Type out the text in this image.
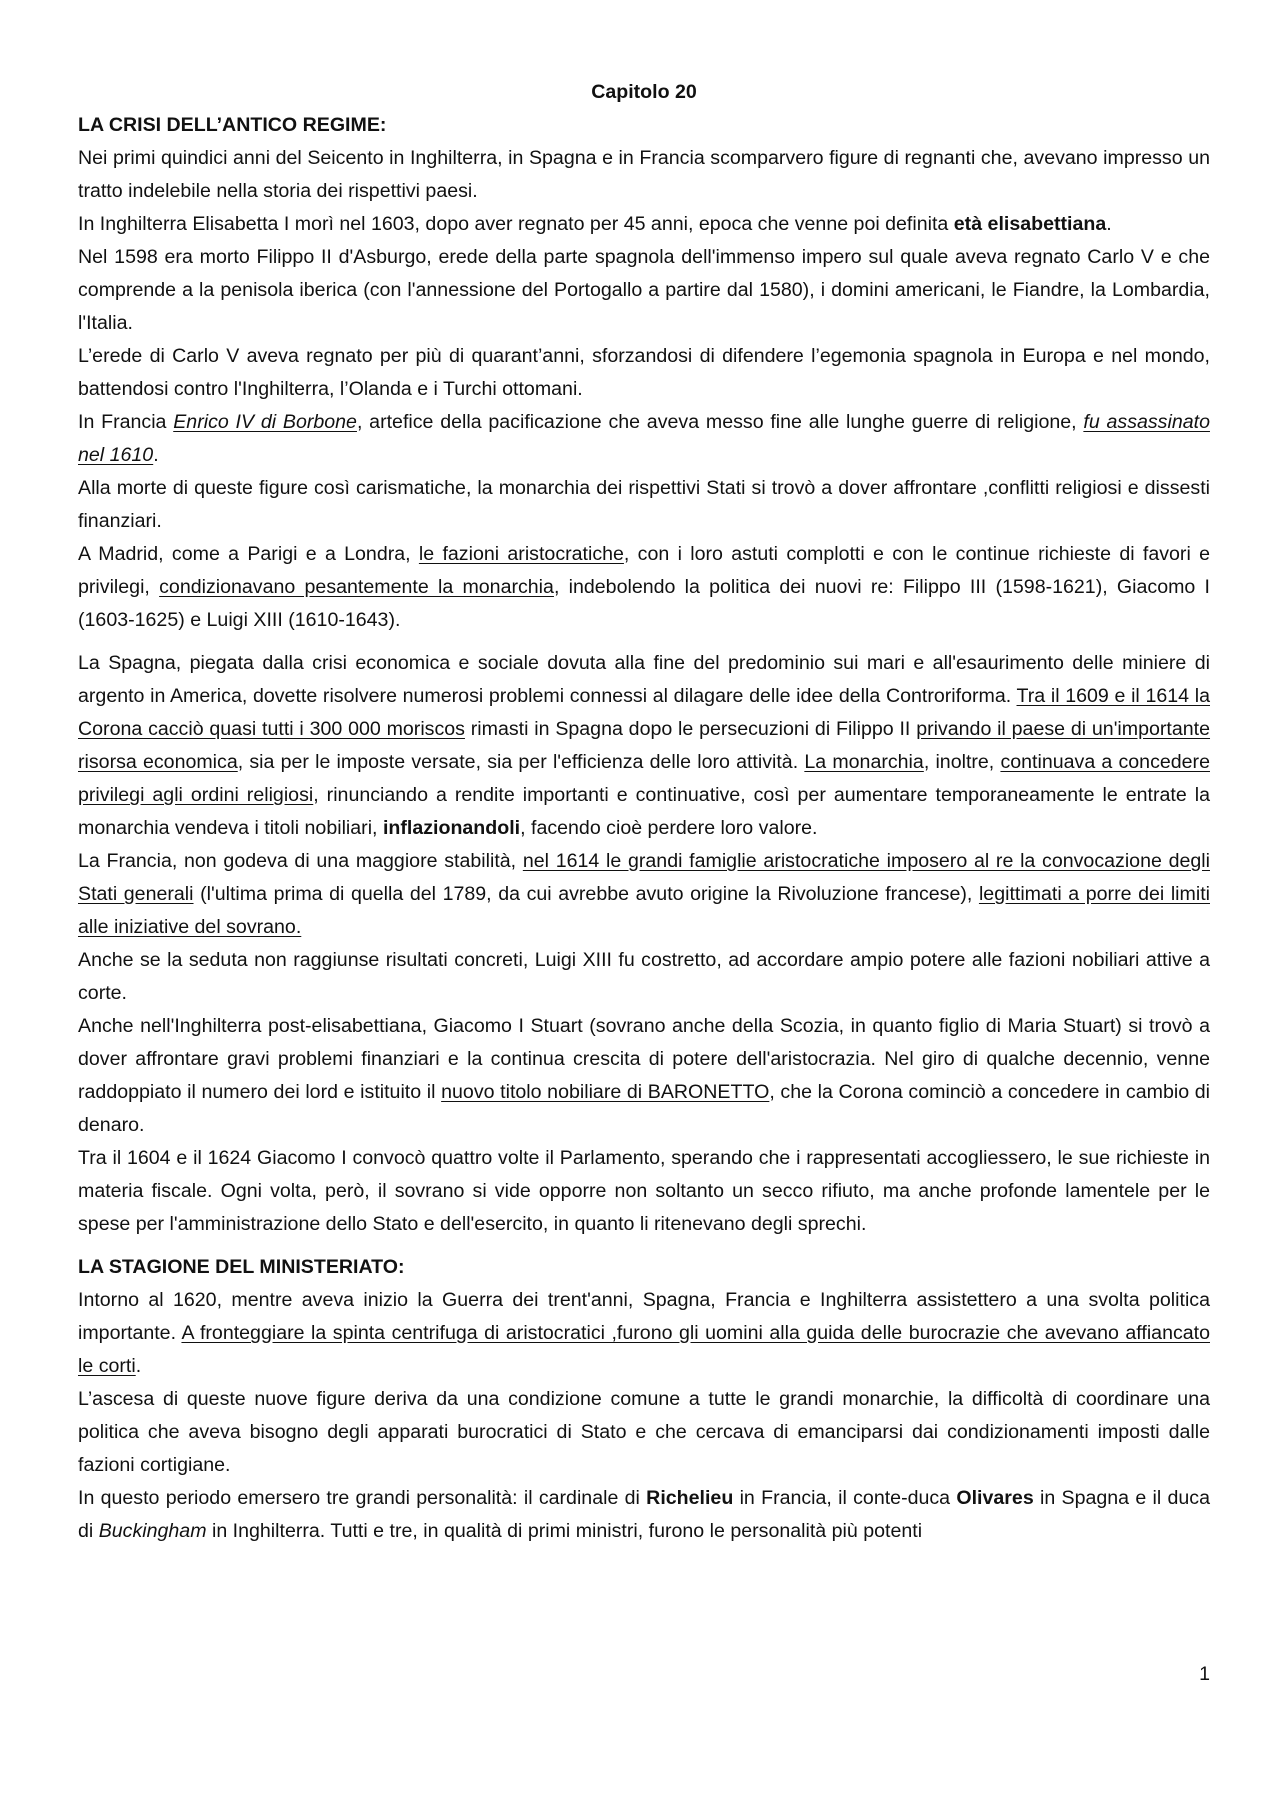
Capitolo 20

LA CRISI DELL’ANTICO REGIME:

Nei primi quindici anni del Seicento in Inghilterra, in Spagna e in Francia scomparvero figure di regnanti che, avevano impresso un tratto indelebile nella storia dei rispettivi paesi.

In Inghilterra Elisabetta I morì nel 1603, dopo aver regnato per 45 anni, epoca che venne poi definita età elisabettiana.

Nel 1598 era morto Filippo II d'Asburgo, erede della parte spagnola dell'immenso impero sul quale aveva regnato Carlo V e che comprende a la penisola iberica (con l'annessione del Portogallo a partire dal 1580), i domini americani, le Fiandre, la Lombardia, l'Italia.

L’erede di Carlo V aveva regnato per più di quarant’anni, sforzandosi di difendere l’egemonia spagnola in Europa e nel mondo, battendosi contro l'Inghilterra, l’Olanda e i Turchi ottomani.

In Francia Enrico IV di Borbone, artefice della pacificazione che aveva messo fine alle lunghe guerre di religione, fu assassinato nel 1610.

Alla morte di queste figure così carismatiche, la monarchia dei rispettivi Stati si trovò a dover affrontare ,conflitti religiosi e dissesti finanziari.

A Madrid, come a Parigi e a Londra, le fazioni aristocratiche, con i loro astuti complotti e con le continue richieste di favori e privilegi, condizionavano pesantemente la monarchia, indebolendo la politica dei nuovi re: Filippo III (1598-1621), Giacomo I (1603-1625) e Luigi XIII (1610-1643).

La Spagna, piegata dalla crisi economica e sociale dovuta alla fine del predominio sui mari e all'esaurimento delle miniere di argento in America, dovette risolvere numerosi problemi connessi al dilagare delle idee della Controriforma. Tra il 1609 e il 1614 la Corona cacciò quasi tutti i 300 000 moriscos rimasti in Spagna dopo le persecuzioni di Filippo II privando il paese di un'importante risorsa economica, sia per le imposte versate, sia per l'efficienza delle loro attività. La monarchia, inoltre, continuava a concedere privilegi agli ordini religiosi, rinunciando a rendite importanti e continuative, così per aumentare temporaneamente le entrate la monarchia vendeva i titoli nobiliari, inflazionandoli, facendo cioè perdere loro valore.

La Francia, non godeva di una maggiore stabilità, nel 1614 le grandi famiglie aristocratiche imposero al re la convocazione degli Stati generali (l'ultima prima di quella del 1789, da cui avrebbe avuto origine la Rivoluzione francese), legittimati a porre dei limiti alle iniziative del sovrano.

Anche se la seduta non raggiunse risultati concreti, Luigi XIII fu costretto, ad accordare ampio potere alle fazioni nobiliari attive a corte.

Anche nell'Inghilterra post-elisabettiana, Giacomo I Stuart (sovrano anche della Scozia, in quanto figlio di Maria Stuart) si trovò a dover affrontare gravi problemi finanziari e la continua crescita di potere dell'aristocrazia. Nel giro di qualche decennio, venne raddoppiato il numero dei lord e istituito il nuovo titolo nobiliare di BARONETTO, che la Corona cominciò a concedere in cambio di denaro.

Tra il 1604 e il 1624 Giacomo I convocò quattro volte il Parlamento, sperando che i rappresentati accogliessero, le sue richieste in materia fiscale. Ogni volta, però, il sovrano si vide opporre non soltanto un secco rifiuto, ma anche profonde lamentele per le spese per l'amministrazione dello Stato e dell'esercito, in quanto li ritenevano degli sprechi.

LA STAGIONE DEL MINISTERIATO:

Intorno al 1620, mentre aveva inizio la Guerra dei trent'anni, Spagna, Francia e Inghilterra assistettero a una svolta politica importante. A fronteggiare la spinta centrifuga di aristocratici ,furono gli uomini alla guida delle burocrazie che avevano affiancato le corti.

L’ascesa di queste nuove figure deriva da una condizione comune a tutte le grandi monarchie, la difficoltà di coordinare una politica che aveva bisogno degli apparati burocratici di Stato e che cercava di emanciparsi dai condizionamenti imposti dalle fazioni cortigiane.

In questo periodo emersero tre grandi personalità: il cardinale di Richelieu in Francia, il conte-duca Olivares in Spagna e il duca di Buckingham in Inghilterra. Tutti e tre, in qualità di primi ministri, furono le personalità più potenti

1
